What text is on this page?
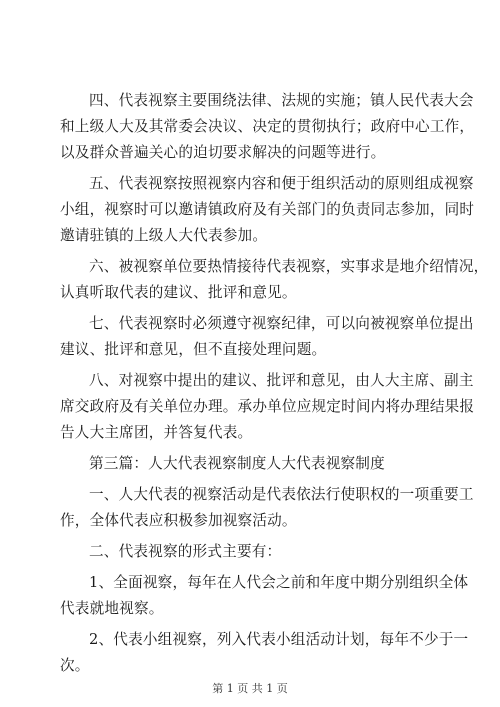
四、代表视察主要围绕法律、法规的实施；镇人民代表大会
和上级人大及其常委会决议、决定的贯彻执行；政府中心工作，
以及群众普遍关心的迫切要求解决的问题等进行。
五、代表视察按照视察内容和便于组织活动的原则组成视察
小组，视察时可以邀请镇政府及有关部门的负责同志参加，同时
邀请驻镇的上级人大代表参加。
六、被视察单位要热情接待代表视察，实事求是地介绍情况，
认真听取代表的建议、批评和意见。
七、代表视察时必须遵守视察纪律，可以向被视察单位提出
建议、批评和意见，但不直接处理问题。
八、对视察中提出的建议、批评和意见，由人大主席、副主
席交政府及有关单位办理。承办单位应规定时间内将办理结果报
告人大主席团，并答复代表。
第三篇：人大代表视察制度人大代表视察制度
一、人大代表的视察活动是代表依法行使职权的一项重要工
作，全体代表应积极参加视察活动。
二、代表视察的形式主要有：
1、全面视察，每年在人代会之前和年度中期分别组织全体
代表就地视察。
2、代表小组视察，列入代表小组活动计划，每年不少于一
次。
第 1 页 共 1 页
